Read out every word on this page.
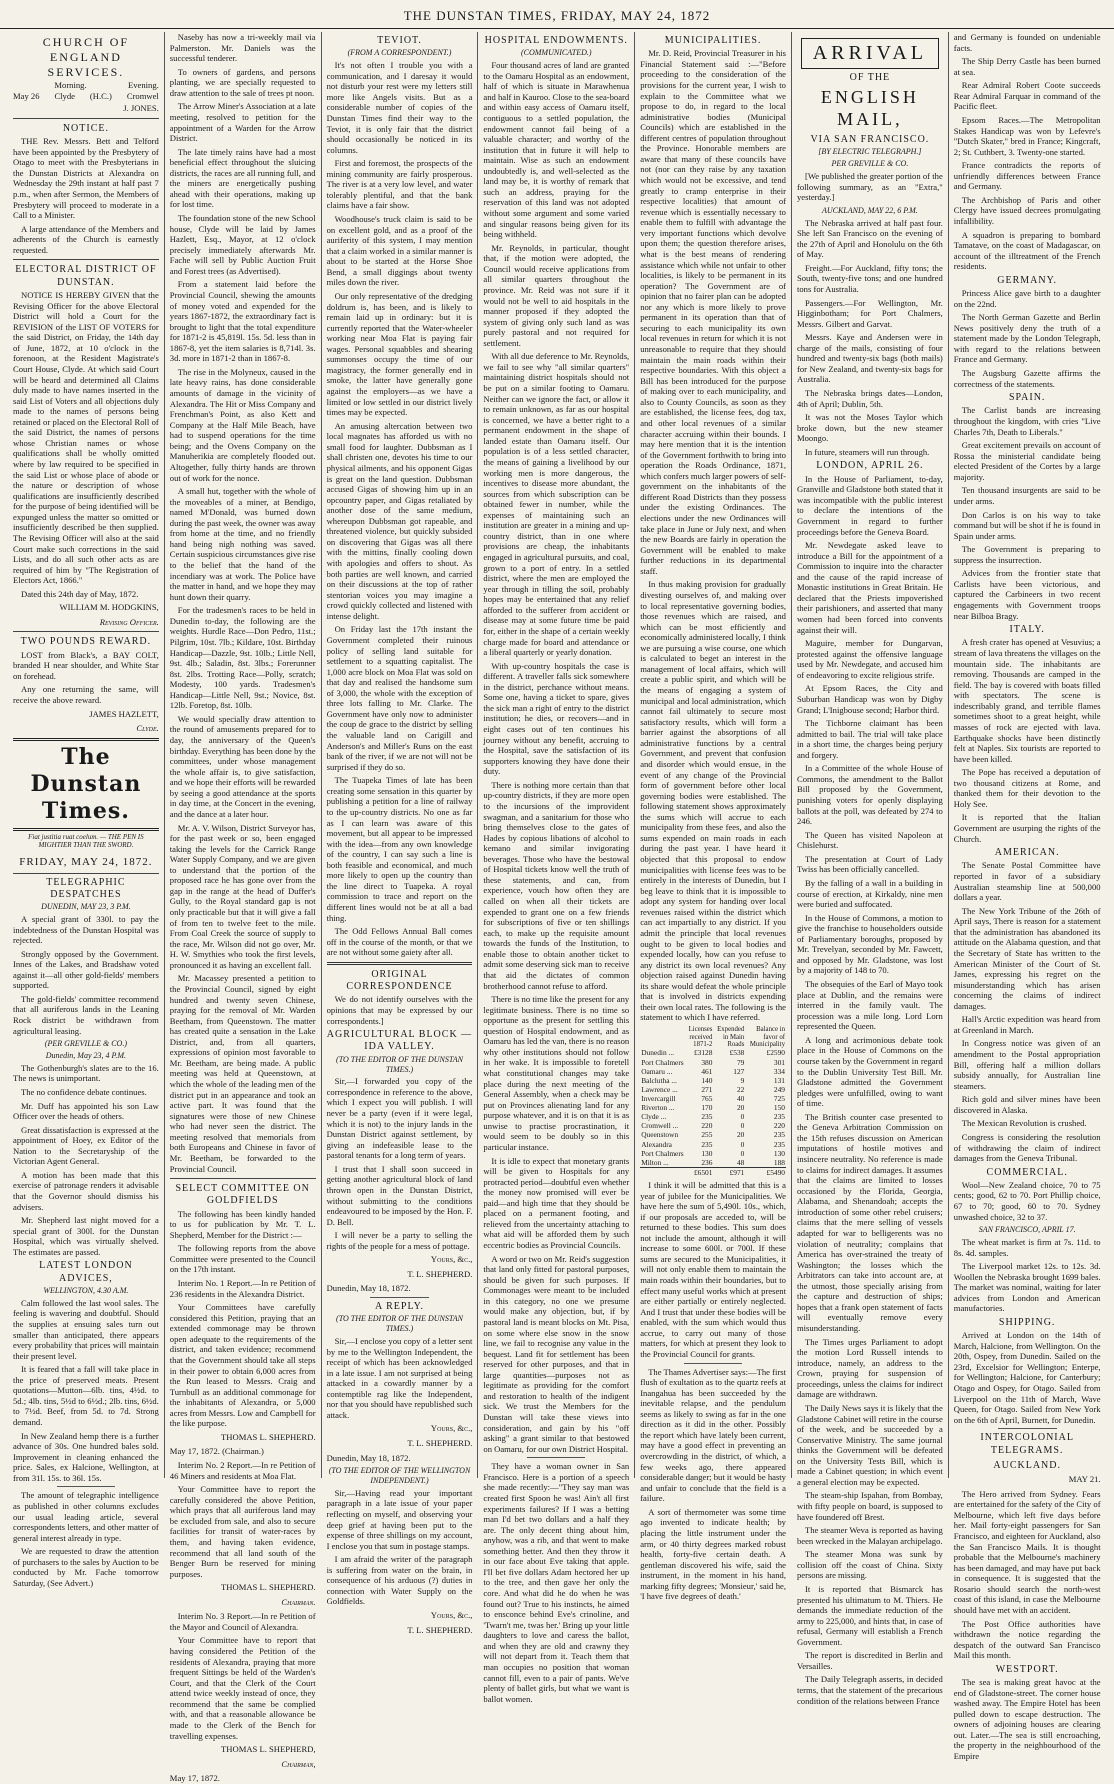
THE DUNSTAN TIMES, FRIDAY, MAY 24, 1872
CHURCH OF ENGLAND SERVICES.
Morning.	Evening.
May 26 Clyde (H.C.) Cromwel
J. JONES.
NOTICE.

THE Rev. Messrs. Bett and Telford have been appointed by the Presbytery of Otago to meet with the Presbyterians in the Dunstan Districts at Alexandra on Wednesday the 29th instant at half past 7 p.m., when after Sermon, the Members of Presbytery will proceed to moderate in a Call to a Minister.

A large attendance of the Members and adherents of the Church is earnestly requested.

ELECTORAL DISTRICT OF DUNSTAN.

NOTICE IS HEREBY GIVEN that the Revising Officer for the above Electoral District will hold a Court for the REVISION of the LIST OF VOTERS for the said District, on Friday, the 14th day of June, 1872, at 10 o'clock in the forenoon, at the Resident Magistrate's Court House, Clyde. At which said Court will be heard and determined all Claims duly made to have names inserted in the said List of Voters and all objections duly made to the names of persons being retained or placed on the Electoral Roll of the said District, the names of persons whose Christian names or whose qualifications shall be wholly omitted where by law required to be specified in the said List or whose place of abode or the nature or description of whose qualifications are insufficiently described for the purpose of being identified will be expunged unless the matter so omitted or insufficiently described be then supplied. The Revising Officer will also at the said Court make such corrections in the said Lists, and do all such other acts as are required of him by "The Registration of Electors Act, 1866."

Dated this 24th day of May, 1872.

WILLIAM M. HODGKINS,
Revising Officer.
TWO POUNDS REWARD.

LOST from Black's, a BAY COLT, branded H near shoulder, and White Star on forehead.

Any one returning the same, will receive the above reward.

JAMES HAZLETT,
Clyde.
The Dunstan Times.
Fiat justitia ruat coelum. — THE PEN IS MIGHTIER THAN THE SWORD.
FRIDAY, MAY 24, 1872.
TELEGRAPHIC DESPATCHES
DUNEDIN, MAY 23, 3 P.M.

A special grant of 330l. to pay the indebtedness of the Dunstan Hospital was rejected.

Strongly opposed by the Government. Innes of the Lakes, and Bradshaw voted against it—all other gold-fields' members supported.

The gold-fields' committee recommend that all auriferous lands in the Leaning Rock district be withdrawn from agricultural leasing.

(PER GREVILLE & CO.)
Dunedin, May 23, 4 P.M.

The Gothenburgh's slates are to the 16. The news is unimportant.

The no confidence debate continues.

Mr. Duff has appointed his son Law Officer over the heads of others.

Great dissatisfaction is expressed at the appointment of Hoey, ex Editor of the Nation to the Secretaryship of the Victorian Agent General.

A motion has been made that this exercise of patronage renders it advisable that the Governor should dismiss his advisers.

Mr. Shepherd last night moved for a special grant of 300l. for the Dunstan Hospital, which was virtually shelved. The estimates are passed.

LATEST LONDON ADVICES,
WELLINGTON, 4.30 A.M.

Calm followed the last wool sales. The feeling is wavering and doubtful. Should the supplies at ensuing sales turn out smaller than anticipated, there appears every probability that prices will maintain their present level.

It is feared that a fall will take place in the price of preserved meats. Present quotations—Mutton—6lb. tins, 4½d. to 5d.; 4lb. tins, 5½d to 6½d.; 2lb. tins, 6½d. to 7½d. Beef, from 5d. to 7d. Strong demand.

In New Zealand hemp there is a further advance of 30s. One hundred bales sold. Improvement in cleaning enhanced the price. Sales, ex Halcione, Wellington, at from 31l. 15s. to 36l. 15s.

The amount of telegraphic intelligence as published in other columns excludes our usual leading article, several correspondents letters, and other matter of general interest already in type.

We are requested to draw the attention of purchasers to the sales by Auction to be conducted by Mr. Fache tomorrow Saturday, (See Advert.)

Naseby has now a tri-weekly mail via Palmerston. Mr. Daniels was the successful tenderer.

To owners of gardens, and persons planting, we are specially requested to draw attention to the sale of trees pt noon.

The Arrow Miner's Association at a late meeting, resolved to petition for the appointment of a Warden for the Arrow District.

The late timely rains have had a most beneficial effect throughout the sluicing districts, the races are all running full, and the miners are energetically pushing ahead with their operations, making up for lost time.

The foundation stone of the new School house, Clyde will be laid by James Hazlett, Esq., Mayor, at 12 o'clock precisely immediately afterwards Mr. Fache will sell by Public Auction Fruit and Forest trees (as Advertised).

From a statement laid before the Provincial Council, shewing the amounts of money voted and expended for the years 1867-1872, the extraordinary fact is brought to light that the total expenditure for 1871-2 is 45,819l. 15s. 5d. less than in 1867-8, yet the item salaries is 8,714l. 3s. 3d. more in 1871-2 than in 1867-8.

The rise in the Molyneux, caused in the late heavy rains, has done considerable amounts of damage in the vicinity of Alexandra. The Hit or Miss Company and Frenchman's Point, as also Kett and Company at the Half Mile Beach, have had to suspend operations for the time being; and the Ovens Company on the Manuherikia are completely flooded out. Altogether, fully thirty hands are thrown out of work for the nonce.

A small hut, together with the whole of the moveables of a miner, at Bendigo, named M'Donald, was burned down during the past week, the owner was away from home at the time, and no friendly hand being nigh nothing was saved. Certain suspicious circumstances give rise to the belief that the hand of the incendiary was at work. The Police have the matter in hand, and we hope they may hunt down their quarry.

For the tradesmen's races to be held in Dunedin to-day, the following are the weights. Hurdle Race—Don Pedro, 11st.; Pilgrim, 10st. 7lb.; Kildare, 10st. Birthday Handicap—Dazzle, 9st. 10lb.; Little Nell, 9st. 4lb.; Saladin, 8st. 3lbs.; Forerunner 8st. 2lbs. Trotting Race—Polly, scratch; Modesty, 100 yards. Tradesmen's Handicap—Little Nell, 9st.; Novice, 8st. 12lb. Foretop, 8st. 10lb.

We would specially draw attention to the round of amusements prepared for to day, the anniversary of the Queen's birthday. Everything has been done by the committees, under whose management the whole affair is, to give satisfaction, and we hope their efforts will be rewarded by seeing a good attendance at the sports in day time, at the Concert in the evening, and the dance at a later hour.

Mr. A. V. Wilson, District Surveyor has, for the past week or so, been engaged taking the levels for the Carrick Range Water Supply Company, and we are given to understand that the portion of the proposed race he has gone over from the gap in the range at the head of Duffer's Gully, to the Royal standard gap is not only practicable but that it will give a fall of from ten to twelve feet to the mile. From Coal Creek the source of supply to the race, Mr. Wilson did not go over, Mr. H. W. Smythies who took the first levels, pronounced it as having an excellent fall.

Mr. Macassey presented a petition to the Provincial Council, signed by eight hundred and twenty seven Chinese, praying for the removal of Mr. Warden Beetham, from Queenstown. The matter has created quite a sensation in the Lake District, and, from all quarters, expressions of opinion most favorable to Mr. Beetham, are being made. A public meeting was held at Queenstown, at which the whole of the leading men of the district put in an appearance and took an active part. It was found that the signatures were those of new Chinese who had never seen the district. The meeting resolved that memorials from both Europeans and Chinese in favor of Mr. Beetham, be forwarded to the Provincial Council.

SELECT COMMITTEE ON GOLDFIELDS

The following has been kindly handed to us for publication by Mr. T. L. Shepherd, Member for the District :—

The following reports from the above Committee were presented to the Council on the 17th instant.

Interim No. 1 Report.—In re Petition of 236 residents in the Alexandra District.

Your Committees have carefully considered this Petition, praying that an extended commonage may be thrown open adequate to the requirements of the district, and taken evidence; recommend that the Government should take all steps in their power to obtain 6,000 acres from the Run leased to Messrs. Craig and Turnbull as an additional commonage for the inhabitants of Alexandra, or 5,000 acres from Messrs. Low and Campbell for the like purpose.

THOMAS L. SHEPHERD.

May 17, 1872. (Chairman.)

Interim No. 2 Report.—In re Petition of 46 Miners and residents at Moa Flat.

Your Committee have to report the carefully considered the above Petition, which prays that all auriferous land may be excluded from sale, and also to secure facilities for transit of water-races by them, and having taken evidence, recommend that all land south of the Benger Burn be reserved for mining purposes.

THOMAS L. SHEPHERD.
Chairman.

Interim No. 3 Report.—In re Petition of the Mayor and Council of Alexandra.

Your Committee have to report that having considered the Petition of the residents of Alexandra, praying that more frequent Sittings be held of the Warden's Court, and that the Clerk of the Court attend twice weekly instead of once, they recommend that the same be complied with, and that a reasonable allowance be made to the Clerk of the Bench for travelling expenses.

THOMAS L. SHEPHERD,
Chairman,

May 17, 1872.

TEVIOT.
(FROM A CORRESPONDENT.)

It's not often I trouble you with a communication, and I daresay it would not disturb your rest were my letters still more like Angels visits. But as a considerable number of copies of the Dunstan Times find their way to the Teviot, it is only fair that the district should occasionally be noticed in its columns.

First and foremost, the prospects of the mining community are fairly prosperous. The river is at a very low level, and water tolerably plentiful, and that the bank claims have a fair show.

Woodhouse's truck claim is said to be on excellent gold, and as a proof of the auriferity of this system, I may mention that a claim worked in a similar manner is about to be started at the Horse Shoe Bend, a small diggings about twenty miles down the river.

Our only representative of the dredging doldrum is, has been, and is likely to remain laid up in ordinary: but it is currently reported that the Water-wheeler working near Moa Flat is paying fair wages. Personal squabbles and shearing summonses occupy the time of our magistracy, the former generally end in smoke, the latter have generally gone against the employers—as we have a limited or low settled in our district lively times may be expected.

An amusing altercation between two local magnates has afforded us with no small food for laughter. Dubbsman as I shall christen one, devotes his time to our physical ailments, and his opponent Gigas is great on the land question. Dubbsman accused Gigas of showing him up in an opcountry paper, and Gigas retaliated by another dose of the same medium, whereupon Dubbsman got rapeable, and threatened violence, but quickly subsided on discovering that Gigas was all there with the mittins, finally cooling down with apologies and offers to shout. As both parties are well known, and carried on their discussions at the top of rather stentorian voices you may imagine a crowd quickly collected and listened with intense delight.

On Friday last the 17th instant the Government completed their ruinous policy of selling land suitable for settlement to a squatting capitalist. The 1,000 acre block on Moa Flat was sold on that day and realised the handsome sum of 3,000, the whole with the exception of three lots falling to Mr. Clarke. The Government have only now to administer the coup de grace to the district by selling the valuable land on Carigill and Anderson's and Miller's Runs on the east bank of the river, if we are not will not be surprised if they do so.

The Tuapeka Times of late has been creating some sensation in this quarter by publishing a petition for a line of railway to the up-country districts. No one as far as I can learn was aware of this movement, but all appear to be impressed with the idea—from any own knowledge of the country, I can say such a line is both feasible and economical, and much more likely to open up the country than the line direct to Tuapeka. A royal commission to trace and report on the different lines would not be at all a bad thing.

The Odd Fellows Annual Ball comes off in the course of the month, or that we are not without some gaiety after all.

ORIGINAL CORRESPONDENCE

We do not identify ourselves with the opinions that may be expressed by our correspondents.]

AGRICULTURAL BLOCK — IDA VALLEY.
(TO THE EDITOR OF THE DUNSTAN TIMES.)

Sir,—I forwarded you copy of the correspondence in reference to the above, which I expect you will publish. I will never be a party (even if it were legal, which it is not) to the injury lands in the Dunstan District against settlement, by giving an indefeasible lease to the pastoral tenants for a long term of years.

I trust that I shall soon succeed in getting another agricultural block of land thrown open in the Dunstan District, without submitting to the conditions endeavoured to be imposed by the Hon. F. D. Bell.

I will never be a party to selling the rights of the people for a mess of pottage.

Yours, &c.,
T. L. SHEPHERD.

Dunedin, May 18, 1872.

A REPLY.
(TO THE EDITOR OF THE DUNSTAN TIMES.)

Sir,—I enclose you copy of a letter sent by me to the Wellington Independent, the receipt of which has been acknowledged in a late issue. I am not surprised at being attacked in a cowardly manner by a contemptible rag like the Independent, nor that you should have republished such attack.

Yours, &c.,
T. L. SHEPHERD.

Dunedin, May 18, 1872.

(TO THE EDITOR OF THE WELLINGTON INDEPENDENT.)

Sir,—Having read your important paragraph in a late issue of your paper reflecting on myself, and observing your deep grief at having been put to the expense of three shillings on my account, I enclose you that sum in postage stamps.

I am afraid the writer of the paragraph is suffering from water on the brain, in consequence of his arduous (?) duties in connection with Water Supply on the Goldfields.

Yours, &c.,
T. L. SHEPHERD.
HOSPITAL ENDOWMENTS.
(COMMUNICATED.)

Four thousand acres of land are granted to the Oamaru Hospital as an endowment, half of which is situate in Marawhenua and half in Kauroo. Close to the sea-board and within easy access of Oamaru itself, contiguous to a settled population, the endowment cannot fail being of a valuable character; and worthy of the institution that in future it will help to maintain. Wise as such an endowment undoubtedly is, and well-selected as the land may be, it is worthy of remark that such an address, praying for the reservation of this land was not adopted without some argument and some varied and singular reasons being given for its being withheld.

Mr. Reynolds, in particular, thought that, if the motion were adopted, the Council would receive applications from all similar quarters throughout the province. Mr. Reid was not sure if it would not be well to aid hospitals in the manner proposed if they adopted the system of giving only such land as was purely pastoral and not required for settlement.

With all due deference to Mr. Reynolds, we fail to see why "all similar quarters" maintaining district hospitals should not be put on a similar footing to Oamaru. Neither can we ignore the fact, or allow it to remain unknown, as far as our hospital is concerned, we have a better right to a permanent endowment in the shape of landed estate than Oamaru itself. Our population is of a less settled character, the means of gaining a livelihood by our working men is more dangerous, the incentives to disease more abundant, the sources from which subscription can be obtained fewer in number, while the expenses of maintaining such an institution are greater in a mining and up-country district, than in one where provisions are cheap, the inhabitants engaged in agricultural pursuits, and coal, grown to a port of entry. In a settled district, where the men are employed the year through in tilling the soil, probably hopes may be entertained that any relief afforded to the sufferer from accident or disease may at some future time be paid for, either in the shape of a certain weekly charge made for board and attendance or a liberal quarterly or yearly donation.

With up-country hospitals the case is different. A traveller falls sick somewhere in the district, perchance without means. Some one, having a ticket to spare, gives the sick man a right of entry to the district institution; he dies, or recovers—and in eight cases out of ten continues his journey without any benefit, accruing to the Hospital, save the satisfaction of its supporters knowing they have done their duty.

There is nothing more certain than that up-country districts, if they are more open to the incursions of the improvident swagman, and a sanitarium for those who bring themselves close to the gates of Hades by copious libations of alcohol to kemano and similar invigorating beverages. Those who have the bestowal of Hospital tickets know well the truth of these statements, and can, from experience, vouch how often they are called on when all their tickets are expended to grant one on a few friends for subscriptions of five or ten shillings each, to make up the requisite amount towards the funds of the Institution, to enable those to obtain another ticket to admit some deserving sick man to receive that aid the dictates of common brotherhood cannot refuse to afford.

There is no time like the present for any legitimate business. There is no time so opportune as the present for settling this question of Hospital endowment, and as Oamaru has led the van, there is no reason why other institutions should not follow in her wake. It is impossible to foretell what constitutional changes may take place during the next meeting of the General Assembly, when a check may be put on Provinces alienating land for any purpose whatever, and it is on that it is as unwise to practise procrastination, it would seem to be doubly so in this particular instance.

It is idle to expect that monetary grants will be given to Hospitals for any protracted period—doubtful even whether the money now promised will ever be paid—and high time that they should be placed on a permanent footing, and relieved from the uncertainty attaching to what aid will be afforded them by such eccentric bodies as Provincial Councils.

A word or two on Mr. Reid's suggestion that land only fitted for pastoral purposes, should be given for such purposes. If Commonages were meant to be included in this category, no one we presume would make any objection, but, if by pastoral land is meant blocks on Mt. Pisa, on some where else snow in the snow line, we fail to recognise any value in the bequest. Land fit for settlement has been reserved for other purposes, and that in large quantities—purposes not as legitimate as providing for the comfort and restoration to health of the indigent sick. We trust the Members for the Dunstan will take these views into consideration, and gain by his "off asking" a grant similar to that bestowed on Oamaru, for our own District Hospital.

They have a woman owner in San Francisco. Here is a portion of a speech she made recently:—"They say man was created first Spoon he was! Ain't all first experiments failures? If I was a betting man I'd bet two dollars and a half they are. The only decent thing about him, anyhow, was a rib, and that went to make something better. And then they throw it in our face about Eve taking that apple. I'll bet five dollars Adam hectored her up to the tree, and then gave her only the core. And what did he do when he was found out? True to his instincts, he aimed to ensconce behind Eve's crinoline, and 'Twarn't me, twas her.' Bring up your little daughters to love and caress the ballot, and when they are old and crawny they will not depart from it. Teach them that man occupies no position that woman cannot fill, even to a pair of pants. We've plenty of ballet girls, but what we want is ballot women.

MUNICIPALITIES.

Mr. D. Reid, Provincial Treasurer in his Financial Statement said :—"Before proceeding to the consideration of the provisions for the current year, I wish to explain to the Committee what we propose to do, in regard to the local administrative bodies (Municipal Councils) which are established in the different centres of population throughout the Province. Honorable members are aware that many of these councils have not (nor can they raise by any taxation which would not be excessive, and tend greatly to cramp enterprise in their respective localities) that amount of revenue which is essentially necessary to enable them to fulfill with advantage the very important functions which devolve upon them; the question therefore arises, what is the best means of rendering assistance which while not unfair to other localities, is likely to be permanent in its operation? The Government are of opinion that no fairer plan can be adopted nor any which is more likely to prove permanent in its operation than that of securing to each municipality its own local revenues in return for which it is not unreasonable to require that they should maintain the main roads within their respective boundaries. With this object a Bill has been introduced for the purpose of making over to each municipality, and also to County Councils, as soon as they are established, the license fees, dog tax, and other local revenues of a similar character accruing within their bounds. I may here mention that it is the intention of the Government forthwith to bring into operation the Roads Ordinance, 1871, which confers much larger powers of self-government on the inhabitants of the different Road Districts than they possess under the existing Ordinances. The elections under the new Ordinances will take place in June or July next, and when the new Boards are fairly in operation the Government will be enabled to make further reductions in its departmental staff.

In thus making provision for gradually divesting ourselves of, and making over to local representative governing bodies, those revenues which are raised, and which can be most efficiently and economically administered locally, I think we are pursuing a wise course, one which is calculated to beget an interest in the management of local affairs, which will create a public spirit, and which will be the means of engaging a system of municipal and local administration, which cannot fail ultimately to secure most satisfactory results, which will form a barrier against the absorptions of all administrative functions by a central Government, and prevent that confusion and disorder which would ensue, in the event of any change of the Provincial form of government before other local governing bodies were established. The following statement shows approximately the sums which will accrue to each municipality from these fees, and also the sums expended on main roads in each during the past year. I have heard it objected that this proposal to endow municipalities with license fees was to be entirely in the interests of Dunedin, but I beg leave to think that it is impossible to adopt any system for handing over local revenues raised within the district which can act impartially to any district. If you admit the principle that local revenues ought to be given to local bodies and expended locally, how can you refuse to any district its own local revenues? Any objection raised against Dunedin having its share would defeat the whole principle that is involved in districts expending their own local rates. The following is the statement to which I have referred.

	Licenses received 1871-2	Expended in Main Roads	Balance in favor of Municipality
Dunedin ...	£3128	£538	£2590
Port Chalmers	380	79	301
Oamaru ...	461	127	334
Balclutha ...	140	9	131
Lawrence ...	271	22	249
Invercargill	765	40	725
Riverton ...	170	20	150
Clyde ...	235	0	235
Cromwell ...	220	0	220
Queenstown	255	20	235
Alexandra	235	0	235
Port Chalmers	130	0	130
Milton ...	236	48	188
	£6501	£971	£5490

I think it will be admitted that this is a year of jubilee for the Municipalities. We have here the sum of 5,490l. 10s., which, if our proposals are acceded to, will be returned to these bodies. This sum does not include the amount, although it will increase to some 600l. or 700l. If these sums are secured to the Municipalities, it will not only enable them to maintain the main roads within their boundaries, but to effect many useful works which at present are either partially or entirely neglected. And I trust that under these bodies will be enabled, with the sum which would thus accrue, to carry out many of those matters, for which at present they look to the Provincial Council for grants.

The Thames Advertiser says:—The first flush of exultation as to the quartz reefs at Inangahua has been succeeded by the inevitable relapse, and the pendulum seems as likely to swing as far in the one direction as it did in the other. Possibly the report which have lately been current, may have a good effect in preventing an overcrowding in the district, of which, a few weeks ago, there appeared considerable danger; but it would be hasty and unfair to conclude that the field is a failure.

A sort of thermometer was some time ago invented to indicate health; by placing the little instrument under the arm, or 40 thirty degrees marked robust health, forty-five certain death. A gentleman discovered his wife, said the instrument, in the moment in his hand, marking fifty degrees; 'Monsieur,' said he, 'I have five degrees of death.'

ARRIVAL
OF THE
ENGLISH MAIL,
VIA SAN FRANCISCO.
[BY ELECTRIC TELEGRAPH.]
PER GREVILLE & CO.

[We published the greater portion of the following summary, as an "Extra," yesterday.]

AUCKLAND, MAY 22, 6 P.M.

The Nebraska arrived at half past four. She left San Francisco on the evening of the 27th of April and Honolulu on the 6th of May.

Freight.—For Auckland, fifty tons; the South, twenty-five tons; and one hundred tons for Australia.

Passengers.—For Wellington, Mr. Higginbotham; for Port Chalmers, Messrs. Gilbert and Garvat.

Messrs. Kaye and Andersen were in charge of the mails, consisting of four hundred and twenty-six bags (both mails) for New Zealand, and twenty-six bags for Australia.

The Nebraska brings dates—London, 4th of April; Dublin, 5th.

It was not the Moses Taylor which broke down, but the new steamer Moongo.

In future, steamers will run through.

LONDON, APRIL 26.

In the House of Parliament, to-day, Granville and Gladstone both stated that it was incompatible with the public interest to declare the intentions of the Government in regard to further proceedings before the Geneva Board.

Mr. Newdegate asked leave to introduce a Bill for the appointment of a Commission to inquire into the character and the cause of the rapid increase of Monastic institutions in Great Britain. He declared that the Priests impoverished their parishioners, and asserted that many women had been forced into convents against their will.

Maguire, member for Dungarvan, protested against the offensive language used by Mr. Newdegate, and accused him of endeavoring to excite religious strife.

At Epsom Races, the City and Suburban Handicap was won by Digby Grand; L'Inigbouse second; Harbor third.

The Tichborne claimant has been admitted to bail. The trial will take place in a short time, the charges being perjury and forgery.

In a Committee of the whole House of Commons, the amendment to the Ballot Bill proposed by the Government, punishing voters for openly displaying ballots at the poll, was defeated by 274 to 246.

The Queen has visited Napoleon at Chislehurst.

The presentation at Court of Lady Twiss has been officially cancelled.

By the falling of a wall in a building in course of erection, at Kirkaldy, nine men were buried and suffocated.

In the House of Commons, a motion to give the franchise to householders outside of Parliamentary boroughs, proposed by Mr. Trevelyan, seconded by Mr. Fawcett, and opposed by Mr. Gladstone, was lost by a majority of 148 to 70.

The obsequies of the Earl of Mayo took place at Dublin, and the remains were interred in the family vault. The procession was a mile long. Lord Lorn represented the Queen.

A long and acrimonious debate took place in the House of Commons on the course taken by the Government in regard to the Dublin University Test Bill. Mr. Gladstone admitted the Government pledges were unfulfilled, owing to want of time.

The British counter case presented to the Geneva Arbitration Commission on the 15th refuses discussion on American imputations of hostile motives and insincere neutrality. No reference is made to claims for indirect damages. It assumes that the claims are limited to losses occasioned by the Florida, Georgia, Alabama, and Shenandoah; accepts the introduction of some other rebel cruisers; claims that the mere selling of vessels adapted for war to belligerents was no violation of neutrality; complains that America has over-strained the treaty of Washington; the losses which the Arbitrators can take into account are, at the utmost, those specially arising from the capture and destruction of ships; hopes that a frank open statement of facts will eventually remove every misunderstanding.

The Times urges Parliament to adopt the motion Lord Russell intends to introduce, namely, an address to the Crown, praying for suspension of proceedings, unless the claims for indirect damage are withdrawn.

The Daily News says it is likely that the Gladstone Cabinet will retire in the course of the week, and be succeeded by a Conservative Ministry. The same journal thinks the Government will be defeated on the University Tests Bill, which is made a Cabinet question; in which event a general election may be expected.

The steam-ship Ispahan, from Bombay, with fifty people on board, is supposed to have foundered off Brest.

The steamer Weva is reported as having been wrecked in the Malayan archipelago.

The steamer Mona was sunk by collision off the coast of China. Sixty persons are missing.

It is reported that Bismarck has presented his ultimatum to M. Thiers. He demands the immediate reduction of the army to 225,000, and hints that, in case of refusal, Germany will establish a French Government.

The report is discredited in Berlin and Versailles.

The Daily Telegraph asserts, in decided terms, that the statement of the precarious condition of the relations between France

and Germany is founded on undeniable facts.

The Ship Derry Castle has been burned at sea.

Rear Admiral Robert Coote succeeds Rear Admiral Farquar in command of the Pacific fleet.

Epsom Races.—The Metropolitan Stakes Handicap was won by Lefevre's "Dutch Skater," bred in France; Kingcraft, 2; St. Cuthbert, 3. Twenty-one started.

France contradicts the reports of unfriendly differences between France and Germany.

The Archbishop of Paris and other Clergy have issued decrees promulgating infallibility.

A squadron is preparing to bombard Tamatave, on the coast of Madagascar, on account of the illtreatment of the French residents.

GERMANY.

Princess Alice gave birth to a daughter on the 22nd.

The North German Gazette and Berlin News positively deny the truth of a statement made by the London Telegraph, with regard to the relations between France and Germany.

The Augsburg Gazette affirms the correctness of the statements.

SPAIN.

The Carlist bands are increasing throughout the kingdom, with cries "Live Charles 7th, Death to Liberals."

Great excitement prevails on account of Rossa the ministerial candidate being elected President of the Cortes by a large majority.

Ten thousand insurgents are said to be under arms.

Don Carlos is on his way to take command but will be shot if he is found in Spain under arms.

The Government is preparing to suppress the insurrection.

Advices from the frontier state that Carlists have been victorious, and captured the Carbineers in two recent engagements with Government troops near Bilboa Bragy.

ITALY.

A fresh crater has opened at Vesuvius; a stream of lava threatens the villages on the mountain side. The inhabitants are removing. Thousands are camped in the field. The bay is covered with boats filled with spectators. The scene is indescribably grand, and terrible flames sometimes shoot to a great height, while masses of rock are ejected with lava. Earthquake shocks have been distinctly felt at Naples. Six tourists are reported to have been killed.

The Pope has received a deputation of two thousand citizens at Rome, and thanked them for their devotion to the Holy See.

It is reported that the Italian Government are usurping the rights of the Church.

AMERICAN.

The Senate Postal Committee have reported in favor of a subsidiary Australian steamship line at 500,000 dollars a year.

The New York Tribune of the 26th of April says, There is reason for a statement that the administration has abandoned its attitude on the Alabama question, and that the Secretary of State has written to the American Minister of the Court of St. James, expressing his regret on the misunderstanding which has arisen concerning the claims of indirect damages.

Hall's Arctic expedition was heard from at Greenland in March.

In Congress notice was given of an amendment to the Postal appropriation Bill, offering half a million dollars subsidy annually, for Australian line steamers.

Rich gold and silver mines have been discovered in Alaska.

The Mexican Revolution is crushed.

Congress is considering the resolution of withdrawing the claim of indirect damages from the Geneva Tribunal.

COMMERCIAL.

Wool—New Zealand choice, 70 to 75 cents; good, 62 to 70. Port Phillip choice, 67 to 70; good, 60 to 70. Sydney unwashed choice, 32 to 37.

SAN FRANCISCO, APRIL 17.

The wheat market is firm at 7s. 11d. to 8s. 4d. samples.

The Liverpool market 12s. to 12s. 3d. Woollen the Nebraska brought 1699 bales. The market was nominal, waiting for later advices from London and American manufactories.

SHIPPING.

Arrived at London on the 14th of March, Halcione, from Wellington. On the 20th, Ospey, from Dunedin. Sailed on the 23rd, Excelsior for Wellington; Enterpe, for Wellington; Halcione, for Canterbury; Otago and Ospey, for Otago. Sailed from Liverpool on the 11th of March, Wave Queen, for Otago. Sailed from New York on the 6th of April, Burnett, for Dunedin.

INTERCOLONIAL TELEGRAMS.
AUCKLAND.
MAY 21.

The Hero arrived from Sydney. Fears are entertained for the safety of the City of Melbourne, which left five days before her. Mail forty-eight passengers for San Francisco, and eighteen for Auckland, also the San Francisco Mails. It is thought probable that the Melbourne's machinery has been damaged, and may have put back in consequence. It is suggested that the Rosario should search the north-west coast of this island, in case the Melbourne should have met with an accident.

The Post Office authorities have withdrawn the notice regarding the despatch of the outward San Francisco Mail this month.

WESTPORT.

The sea is making great havoc at the end of Gladstone-street. The corner house washed away. The Empire Hotel has been pulled down to escape destruction. The owners of adjoining houses are clearing out. Later.—The sea is still encroaching, the property in the neighbourhood of the Empire
